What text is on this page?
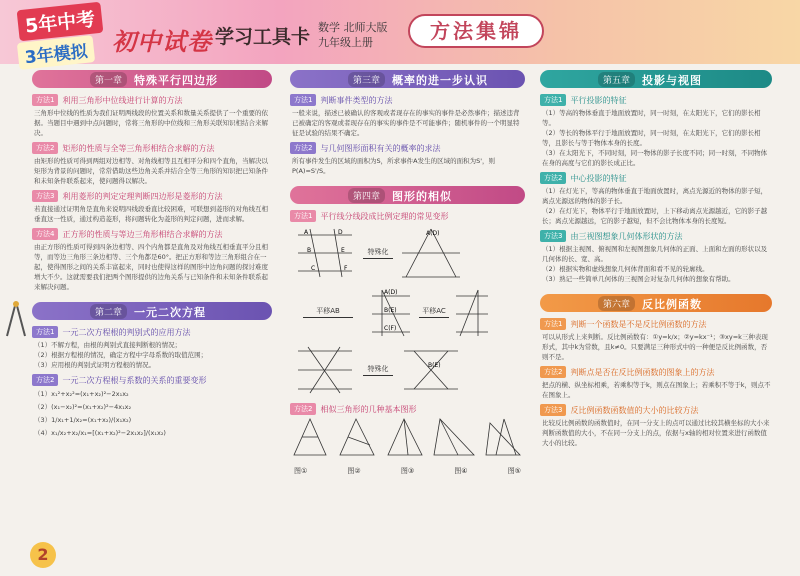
5年中考
3年模拟 初中试卷 学习工具卡 数学 北师大版
九年级上册	方法集锦
第一章	特殊平行四边形
方法1	利用三角形中位线进行计算的方法
三角形中位线的性质为我们证明两线段的位置关系和数量关系提供了一个重要的依据。当题目中遇到中点问题时，常将三角形的中位线和三角形关联知识相结合来解决。
方法2	矩形的性质与全等三角形相结合求解的方法
由矩形的性质可得到两组对边相等、对角线相等且互相平分和四个直角，当解决以矩形为背景的问题时，常常借助这些边角关系并结合全等三角形的知识把已知条件和未知条件联系起来，使问题得以解决。
方法3	利用菱形的判定定理判断四边形是菱形的方法
若直接通过证明角是直角来说明四线段垂直比较困难，可联想到菱形的对角线互相垂直这一性质，通过构造菱形，将问题转化为菱形的判定问题，进而求解。
方法4	正方形的性质与等边三角形相结合求解的方法
由正方形的性质可得到四条边相等、四个内角都是直角及对角线互相垂直平分且相等，而等边三角形三条边相等、三个角都是60°。把正方形和等边三角形组合在一起，使得图形之间的关系丰富起来，同时也使得这样的图形中边角问题的探讨难度增大不少。这就需要我们把两个图形提供的边角关系与已知条件和未知条件联系起来解决问题。
第二章	一元二次方程
方法1	一元二次方程根的判别式的应用方法
（1）不解方程，由根的判别式直接判断根的情况；
（2）根据方程根的情况，确定方程中字母系数的取值范围；
（3）应用根的判别式证明方程根的情况。
方法2	一元二次方程根与系数的关系的重要变形
（1）x₁²+x₂²=(x₁+x₂)²−2x₁x₂
（2）(x₁−x₂)²=(x₁+x₂)²−4x₁x₂
（3）1/x₁+1/x₂=(x₁+x₂)/(x₁x₂)
（4）x₁/x₂+x₂/x₁=[(x₁+x₂)²−2x₁x₂]/(x₁x₂)
第三章	概率的进一步认识
方法1	判断事件类型的方法
一般来说，描述已被确认的客观或者现存在的事实的事件是必然事件；描述违背已被确定的客观或者现存在的事实的事件是不可能事件；随机事件的一个明显特征是试验的结果不确定。
方法2	与几何图形面积有关的概率的求法
所有事件发生的区域的面积为S，所求事件A发生的区域的面积为S'，则P(A)=S'/S。
第四章	图形的相似
方法1	平行线分线段成比例定理的常见变形
A
B
C
D
E
F
特殊化
A(D)
平移AB
A(D)
B(E)
C(F)
平移AC
特殊化	B(E)
方法2	相似三角形的几种基本图形
图①	图②	图③	图④	图⑤
第五章	投影与视图
方法1	平行投影的特征
（1）等高的物体垂直于地面放置时，同一时刻，在太阳光下，它们的影长相等。
（2）等长的物体平行于地面放置时，同一时刻，在太阳光下，它们的影长相等，且影长与等于物体本身的长度。
（3）在太阳光下，不同时刻，同一物体的影子长度不同；同一时刻，不同物体在身的高度与它们的影长成正比。
方法2	中心投影的特征
（1）在灯光下，等高的物体垂直于地面放置时，离点光源近的物体的影子短，离点光源远的物体的影子长。
（2）在灯光下，物体平行于地面放置时，上下移动离点光源越近，它的影子越长；离点光源越远，它的影子越短，但不会比物体本身的长度短。
方法3	由三视图想象几何体形状的方法
（1）根据主视图、俯视图和左视图想象几何体的正面、上面和左面的形状以及几何体的长、宽、高。
（2）根据实物和虚线想象几何体背面和看不见的轮廓线。
（3）熟记一些简单几何体的三视图会对复杂几何体的想象有帮助。
第六章	反比例函数
方法1	判断一个函数是不是反比例函数的方法
可以从形式上来判断。反比例函数有：①y=k/x；②y=kx⁻¹；③xy=k三种表现形式，其中k为常数，且k≠0。只要满足三种形式中的一种便是反比例函数，否则不是。
方法2	判断点是否在反比例函数的图象上的方法
把点的横、纵坐标相乘，若乘积等于k，则点在图象上；若乘积不等于k，则点不在图象上。
方法3	反比例函数函数值的大小的比较方法
比较反比例函数的函数值时，在同一分支上的点可以通过比较其横坐标的大小来判断函数值的大小，不在同一分支上的点，依据与x轴的相对位置来进行函数值大小的比较。
2
